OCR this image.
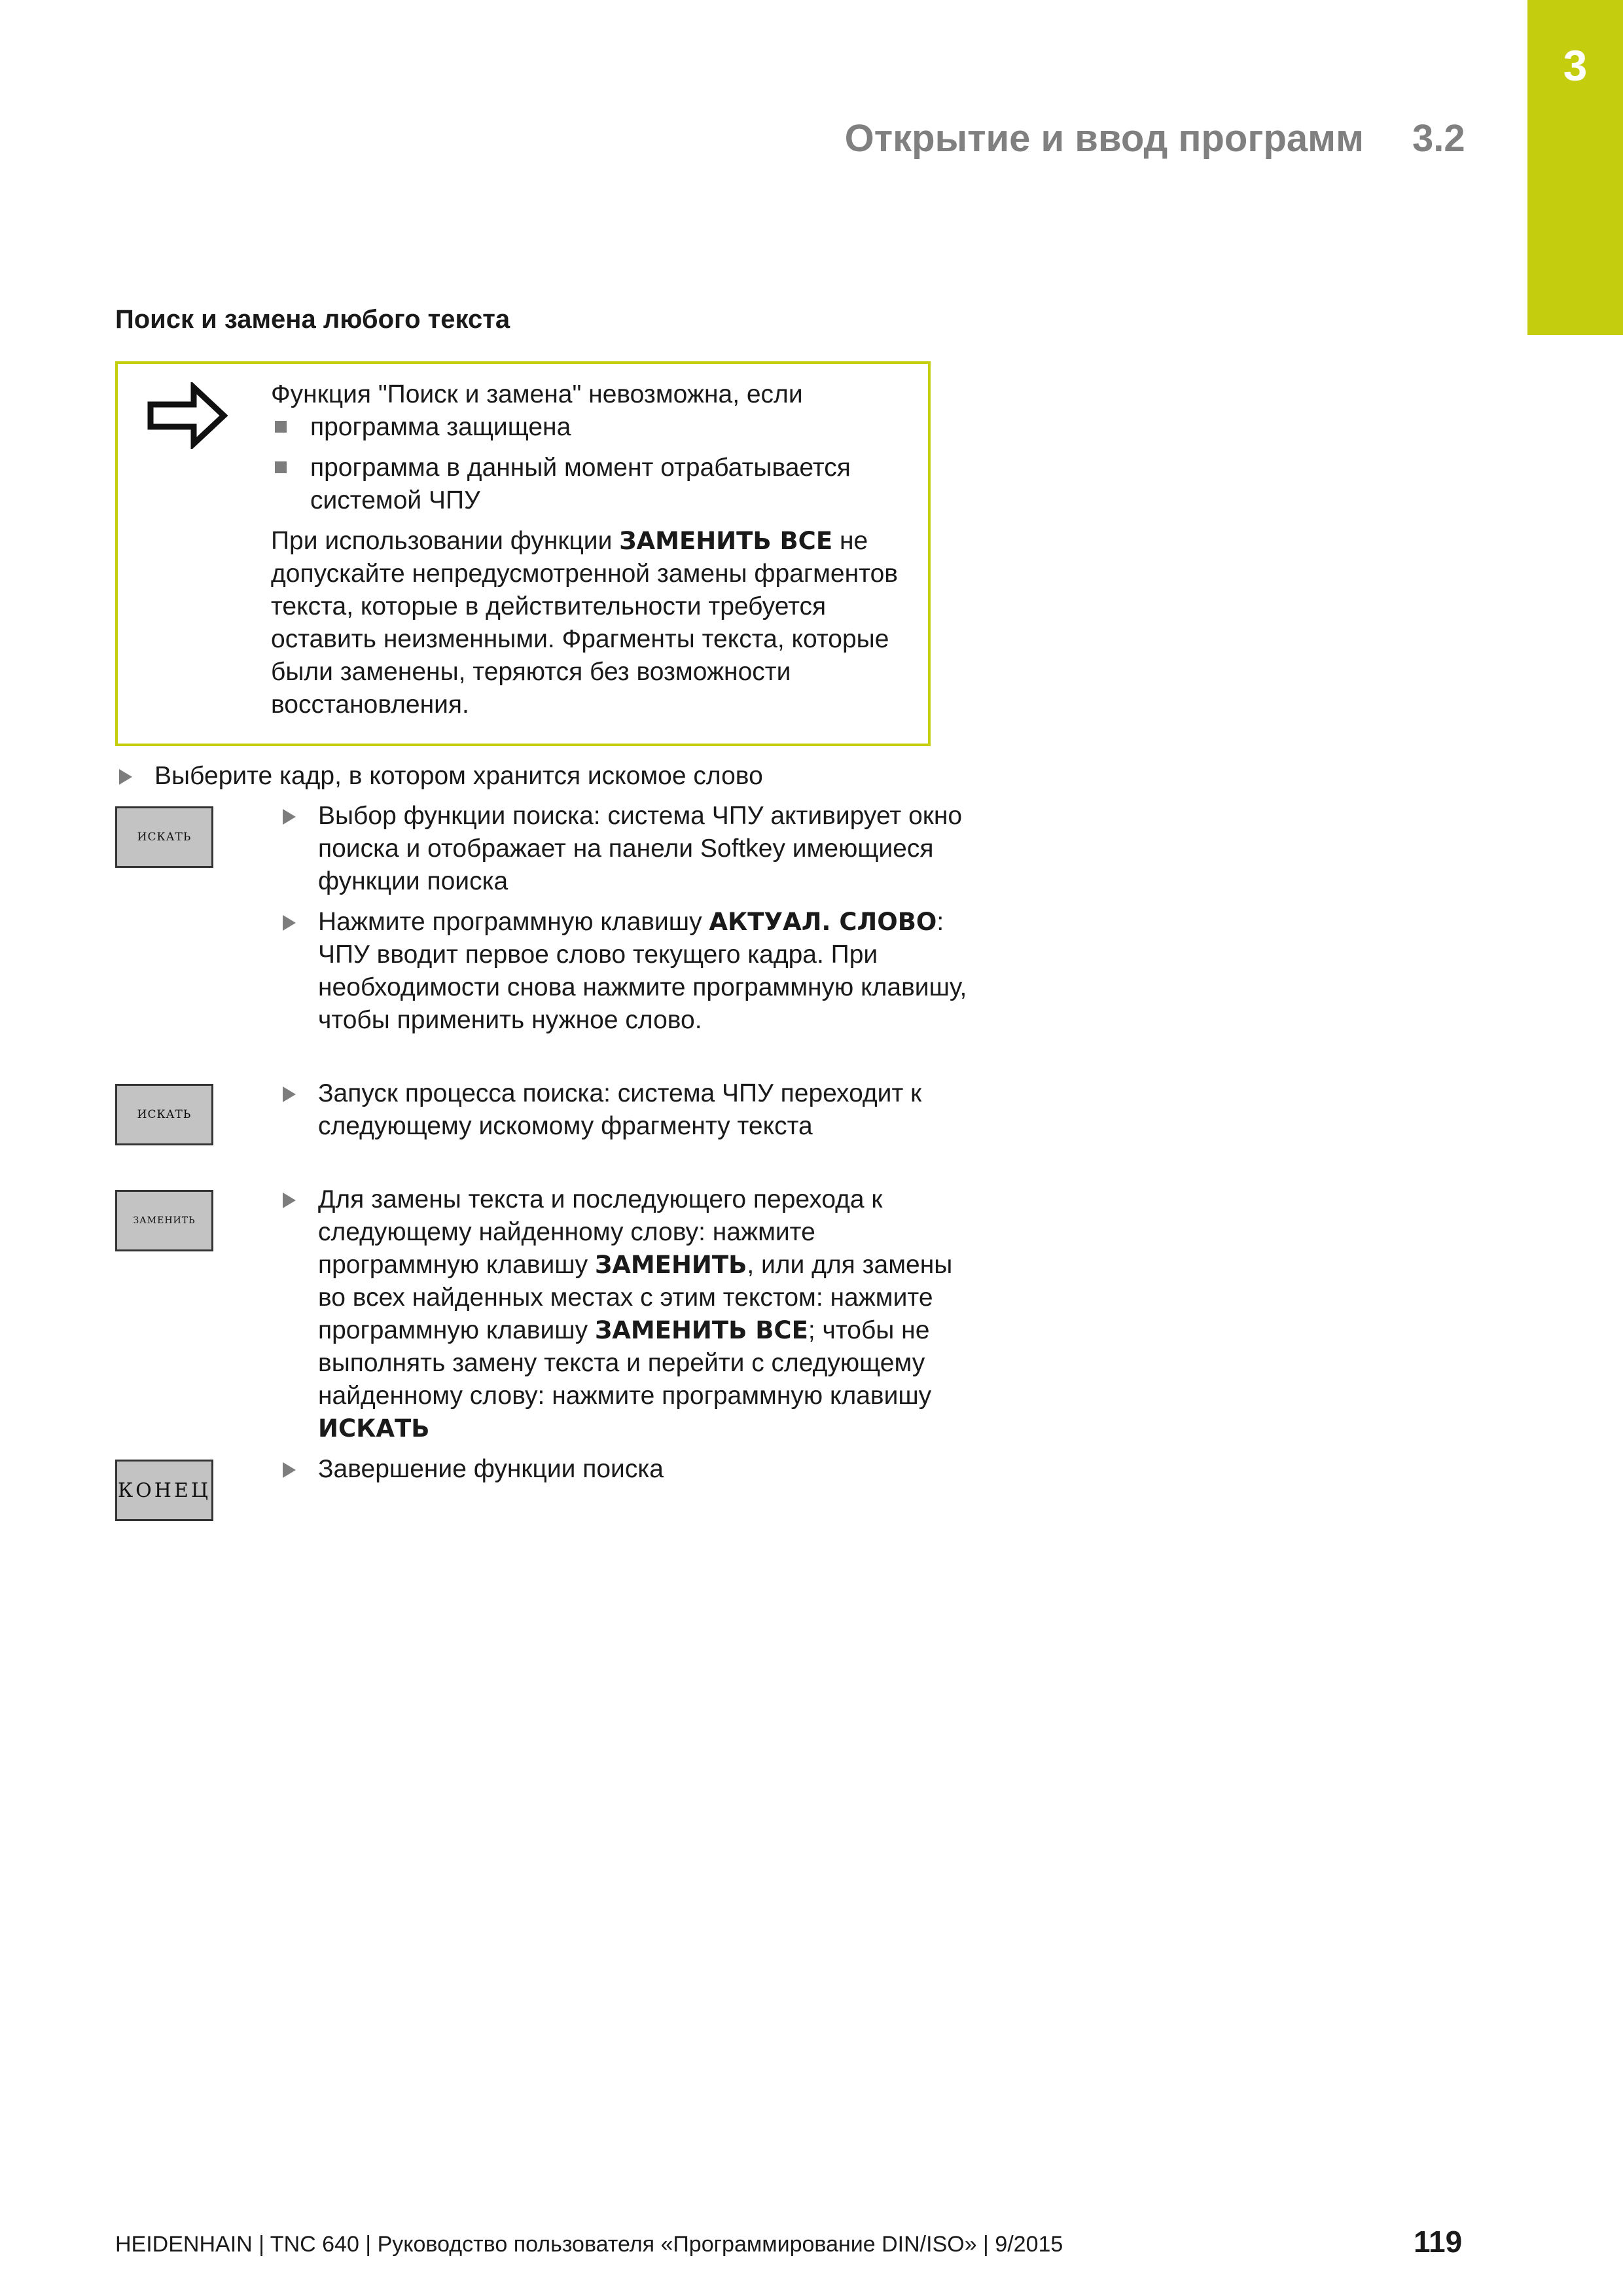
3
Открытие и ввод программ 3.2
Поиск и замена любого текста

Функция "Поиск и замена" невозможна, если

программа защищена
программа в данный момент отрабатывается системой ЧПУ

При использовании функции ЗАМЕНИТЬ ВСЕ не допускайте непредусмотренной замены фрагментов текста, которые в действительности требуется оставить неизменными. Фрагменты текста, которые были заменены, теряются без возможности восстановления.

Выберите кадр, в котором хранится искомое слово
ИСКАТЬ
Выбор функции поиска: система ЧПУ активирует окно поиска и отображает на панели Softkey имеющиеся функции поиска
Нажмите программную клавишу АКТУАЛ. СЛОВО: ЧПУ вводит первое слово текущего кадра. При необходимости снова нажмите программную клавишу, чтобы применить нужное слово.
ИСКАТЬ
Запуск процесса поиска: система ЧПУ переходит к следующему искомому фрагменту текста
ЗАМЕНИТЬ
Для замены текста и последующего перехода к следующему найденному слову: нажмите программную клавишу ЗАМЕНИТЬ, или для замены во всех найденных местах с этим текстом: нажмите программную клавишу ЗАМЕНИТЬ ВСЕ; чтобы не выполнять замену текста и перейти с следующему найденному слову: нажмите программную клавишу ИСКАТЬ
КОНЕЦ
Завершение функции поиска
HEIDENHAIN | TNC 640 | Руководство пользователя «Программирование DIN/ISO» | 9/2015	119
